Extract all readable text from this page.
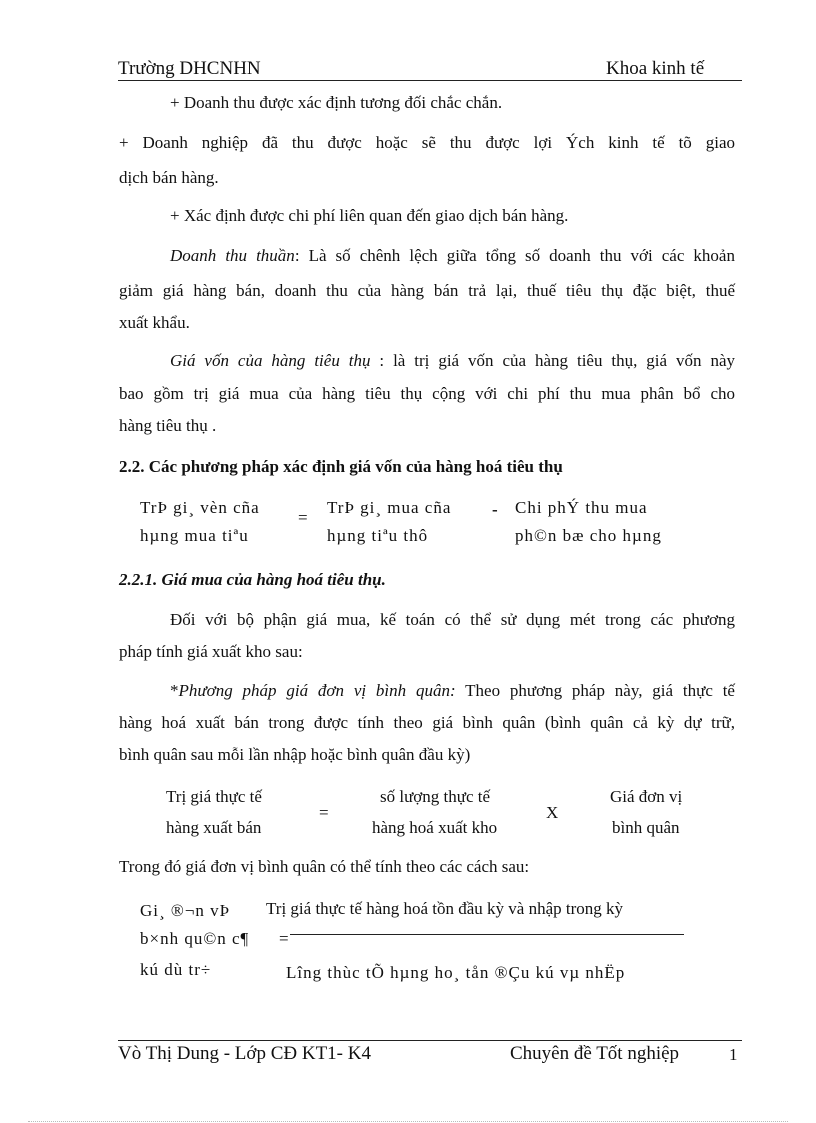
Trường DHCNHN	Khoa kinh tế
+ Doanh thu được xác định tương đối chắc chắn.
+ Doanh nghiệp đã thu được hoặc sẽ thu được lợi Ých kinh tế tõ giao
dịch bán hàng.
+ Xác định được chi phí liên quan đến giao dịch bán hàng.
Doanh thu thuần: Là số chênh lệch giữa tổng số doanh thu với các khoản
giảm giá hàng bán, doanh thu của hàng bán trả lại, thuế tiêu thụ đặc biệt, thuế
xuất khẩu.
Giá vốn của hàng tiêu thụ : là trị giá vốn của hàng tiêu thụ, giá vốn này
bao gồm trị giá mua của hàng tiêu thụ cộng với chi phí thu mua phân bổ cho
hàng tiêu thụ .
2.2. Các phương pháp xác định giá vốn của hàng hoá tiêu thụ
TrÞ gi¸ vèn cña
hµng mua tiªu
=
TrÞ gi¸ mua cña
hµng tiªu thô
- Chi phÝ thu mua
ph©n bæ cho hµng
2.2.1. Giá mua của hàng hoá tiêu thụ.
Đối với bộ phận giá mua, kế toán có thể sử dụng mét trong các phương
pháp tính giá xuất kho sau:
*Phương pháp giá đơn vị bình quân: Theo phương pháp này, giá thực tế
hàng hoá xuất bán trong được tính theo giá bình quân (bình quân cả kỳ dự trữ,
bình quân sau mỗi lần nhập hoặc bình quân đầu kỳ)
Trị giá thực tế
hàng xuất bán
=
số lượng thực tế
hàng hoá xuất kho
X
Giá đơn vị
bình quân
Trong đó giá đơn vị bình quân có thể tính theo các cách sau:
Gi¸ ®¬n vÞ
b×nh qu©n c¶
kú dù tr÷
=
Trị giá thực tế hàng hoá tồn đầu kỳ và nhập trong kỳ
Lîng thùc tÕ hµng ho¸ tån ®Çu kú vµ nhËp
Vò Thị Dung - Lớp CĐ KT1- K4	Chuyên đề Tốt nghiệp	1
